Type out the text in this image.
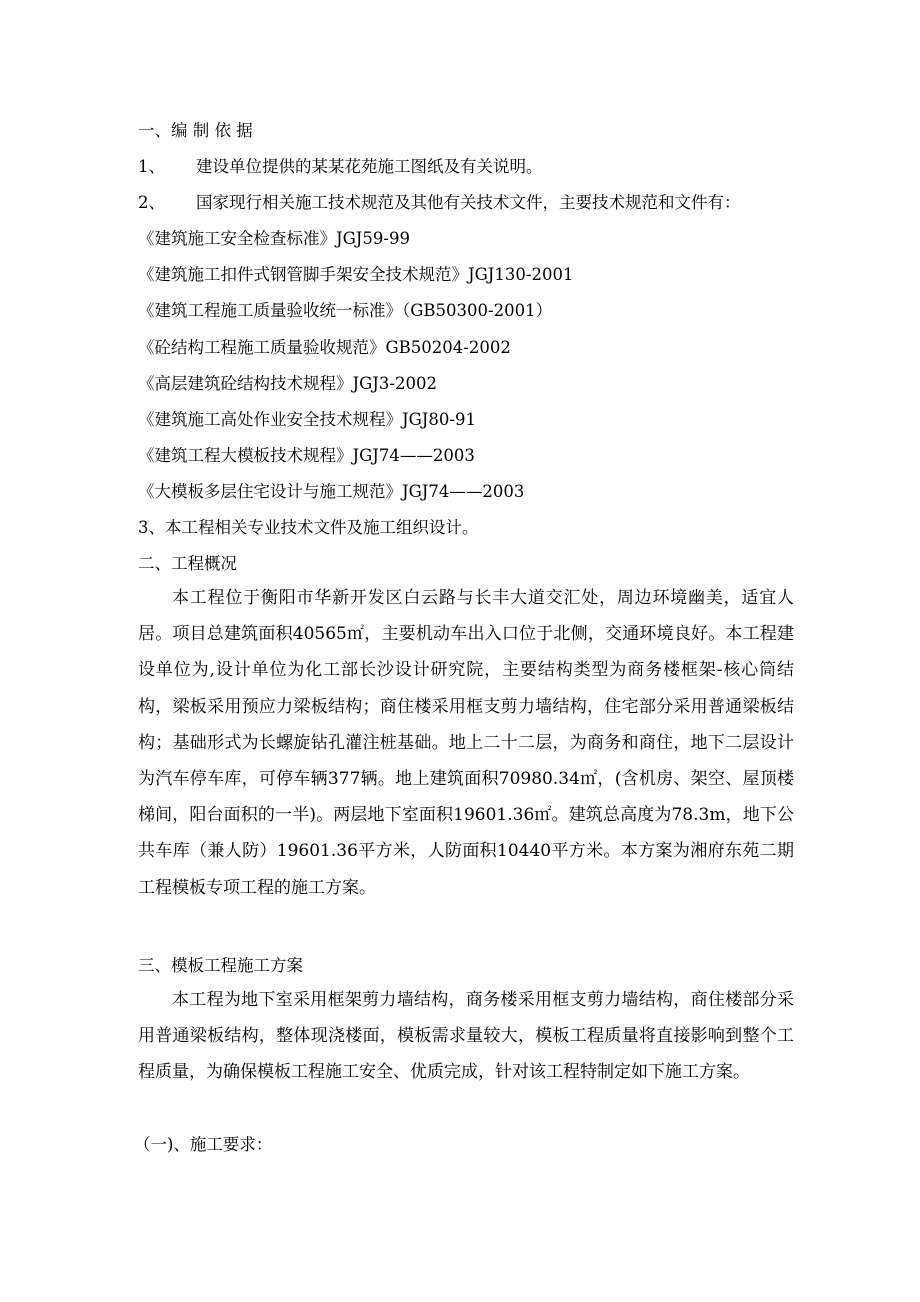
一、编 制 依 据
1、 建设单位提供的某某花苑施工图纸及有关说明。
2、 国家现行相关施工技术规范及其他有关技术文件，主要技术规范和文件有：
《建筑施工安全检查标准》JGJ59-99
《建筑施工扣件式钢管脚手架安全技术规范》JGJ130-2001
《建筑工程施工质量验收统一标准》（GB50300-2001）
《砼结构工程施工质量验收规范》GB50204-2002
《高层建筑砼结构技术规程》JGJ3-2002
《建筑施工高处作业安全技术规程》JGJ80-91
《建筑工程大模板技术规程》JGJ74——2003
《大模板多层住宅设计与施工规范》JGJ74——2003
3、本工程相关专业技术文件及施工组织设计。
二、工程概况
本工程位于衡阳市华新开发区白云路与长丰大道交汇处，周边环境幽美，适宜人居。项目总建筑面积40565㎡，主要机动车出入口位于北侧，交通环境良好。本工程建设单位为,设计单位为化工部长沙设计研究院，主要结构类型为商务楼框架-核心筒结构，梁板采用预应力梁板结构；商住楼采用框支剪力墙结构，住宅部分采用普通梁板结构；基础形式为长螺旋钻孔灌注桩基础。地上二十二层，为商务和商住，地下二层设计为汽车停车库，可停车辆377辆。地上建筑面积70980.34㎡，(含机房、架空、屋顶楼梯间，阳台面积的一半)。两层地下室面积19601.36㎡。建筑总高度为78.3m，地下公共车库（兼人防）19601.36平方米，人防面积10440平方米。本方案为湘府东苑二期工程模板专项工程的施工方案。
三、模板工程施工方案
本工程为地下室采用框架剪力墙结构，商务楼采用框支剪力墙结构，商住楼部分采用普通梁板结构，整体现浇楼面，模板需求量较大，模板工程质量将直接影响到整个工程质量，为确保模板工程施工安全、优质完成，针对该工程特制定如下施工方案。
（一)、施工要求：
